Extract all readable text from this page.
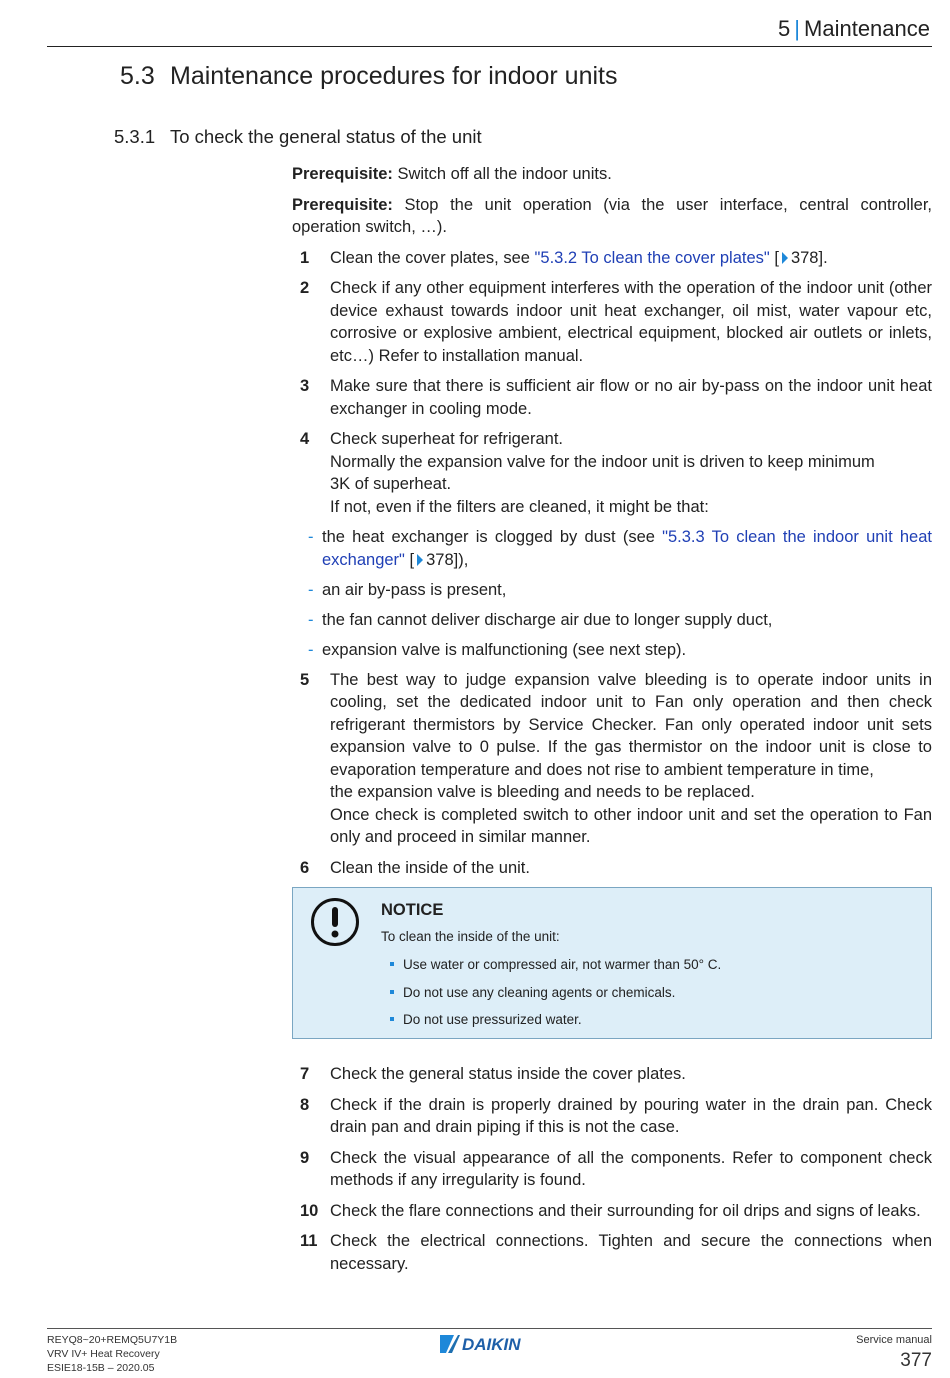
5 | Maintenance
5.3 Maintenance procedures for indoor units
5.3.1 To check the general status of the unit

Prerequisite: Switch off all the indoor units.

Prerequisite: Stop the unit operation (via the user interface, central controller, operation switch, …).

1 Clean the cover plates, see "5.3.2 To clean the cover plates" [ 378].
2 Check if any other equipment interferes with the operation of the indoor unit (other device exhaust towards indoor unit heat exchanger, oil mist, water vapour etc, corrosive or explosive ambient, electrical equipment, blocked air outlets or inlets, etc…) Refer to installation manual.
3 Make sure that there is sufficient air flow or no air by-pass on the indoor unit heat exchanger in cooling mode.
4 Check superheat for refrigerant.
Normally the expansion valve for the indoor unit is driven to keep minimum
3K of superheat.
If not, even if the filters are cleaned, it might be that:
- the heat exchanger is clogged by dust (see "5.3.3 To clean the indoor unit heat exchanger" [ 378]),
- an air by-pass is present,
- the fan cannot deliver discharge air due to longer supply duct,
- expansion valve is malfunctioning (see next step).
5 The best way to judge expansion valve bleeding is to operate indoor units in cooling, set the dedicated indoor unit to Fan only operation and then check refrigerant thermistors by Service Checker. Fan only operated indoor unit sets expansion valve to 0 pulse. If the gas thermistor on the indoor unit is close to evaporation temperature and does not rise to ambient temperature in time,
the expansion valve is bleeding and needs to be replaced.
Once check is completed switch to other indoor unit and set the operation to Fan only and proceed in similar manner.
6 Clean the inside of the unit.
NOTICE
To clean the inside of the unit:
Use water or compressed air, not warmer than 50° C.
Do not use any cleaning agents or chemicals.
Do not use pressurized water.
7 Check the general status inside the cover plates.
8 Check if the drain is properly drained by pouring water in the drain pan. Check drain pan and drain piping if this is not the case.
9 Check the visual appearance of all the components. Refer to component check methods if any irregularity is found.
10 Check the flare connections and their surrounding for oil drips and signs of leaks.
11 Check the electrical connections. Tighten and secure the connections when necessary.
REYQ8~20+REMQ5U7Y1B
VRV IV+ Heat Recovery
ESIE18-15B – 2020.05
DAIKIN	Service manual
377
